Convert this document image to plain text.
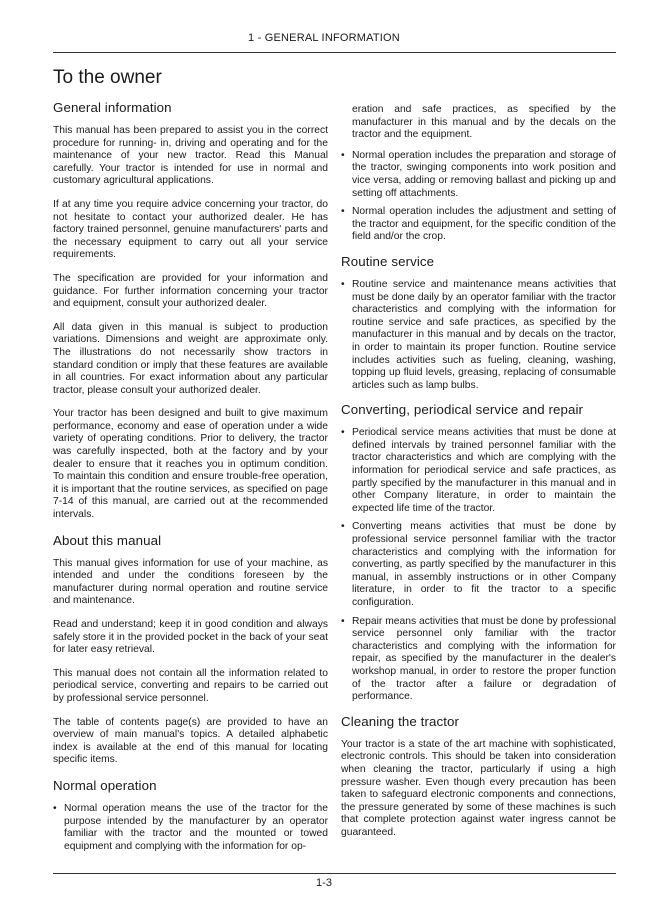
1 - GENERAL INFORMATION
To the owner
General information

This manual has been prepared to assist you in the correct procedure for running- in, driving and operating and for the maintenance of your new tractor. Read this Manual carefully. Your tractor is intended for use in normal and customary agricultural applications.

If at any time you require advice concerning your tractor, do not hesitate to contact your authorized dealer. He has factory trained personnel, genuine manufacturers' parts and the necessary equipment to carry out all your service requirements.

The specification are provided for your information and guidance. For further information concerning your tractor and equipment, consult your authorized dealer.

All data given in this manual is subject to production variations. Dimensions and weight are approximate only. The illustrations do not necessarily show tractors in standard condition or imply that these features are available in all countries. For exact information about any particular tractor, please consult your authorized dealer.

Your tractor has been designed and built to give maximum performance, economy and ease of operation under a wide variety of operating conditions. Prior to delivery, the tractor was carefully inspected, both at the factory and by your dealer to ensure that it reaches you in optimum condition. To maintain this condition and ensure trouble-free operation, it is important that the routine services, as specified on page 7-14 of this manual, are carried out at the recommended intervals.

About this manual

This manual gives information for use of your machine, as intended and under the conditions foreseen by the manufacturer during normal operation and routine service and maintenance.

Read and understand; keep it in good condition and always safely store it in the provided pocket in the back of your seat for later easy retrieval.

This manual does not contain all the information related to periodical service, converting and repairs to be carried out by professional service personnel.

The table of contents page(s) are provided to have an overview of main manual's topics. A detailed alphabetic index is available at the end of this manual for locating specific items.

Normal operation
• Normal operation means the use of the tractor for the purpose intended by the manufacturer by an operator familiar with the tractor and the mounted or towed equipment and complying with the information for op-
eration and safe practices, as specified by the manufacturer in this manual and by the decals on the tractor and the equipment.
• Normal operation includes the preparation and storage of the tractor, swinging components into work position and vice versa, adding or removing ballast and picking up and setting off attachments.
• Normal operation includes the adjustment and setting of the tractor and equipment, for the specific condition of the field and/or the crop.
Routine service
• Routine service and maintenance means activities that must be done daily by an operator familiar with the tractor characteristics and complying with the information for routine service and safe practices, as specified by the manufacturer in this manual and by decals on the tractor, in order to maintain its proper function. Routine service includes activities such as fueling, cleaning, washing, topping up fluid levels, greasing, replacing of consumable articles such as lamp bulbs.
Converting, periodical service and repair
• Periodical service means activities that must be done at defined intervals by trained personnel familiar with the tractor characteristics and which are complying with the information for periodical service and safe practices, as partly specified by the manufacturer in this manual and in other Company literature, in order to maintain the expected life time of the tractor.
• Converting means activities that must be done by professional service personnel familiar with the tractor characteristics and complying with the information for converting, as partly specified by the manufacturer in this manual, in assembly instructions or in other Company literature, in order to fit the tractor to a specific configuration.
• Repair means activities that must be done by professional service personnel only familiar with the tractor characteristics and complying with the information for repair, as specified by the manufacturer in the dealer's workshop manual, in order to restore the proper function of the tractor after a failure or degradation of performance.
Cleaning the tractor

Your tractor is a state of the art machine with sophisticated, electronic controls. This should be taken into consideration when cleaning the tractor, particularly if using a high pressure washer. Even though every precaution has been taken to safeguard electronic components and connections, the pressure generated by some of these machines is such that complete protection against water ingress cannot be guaranteed.

1-3
